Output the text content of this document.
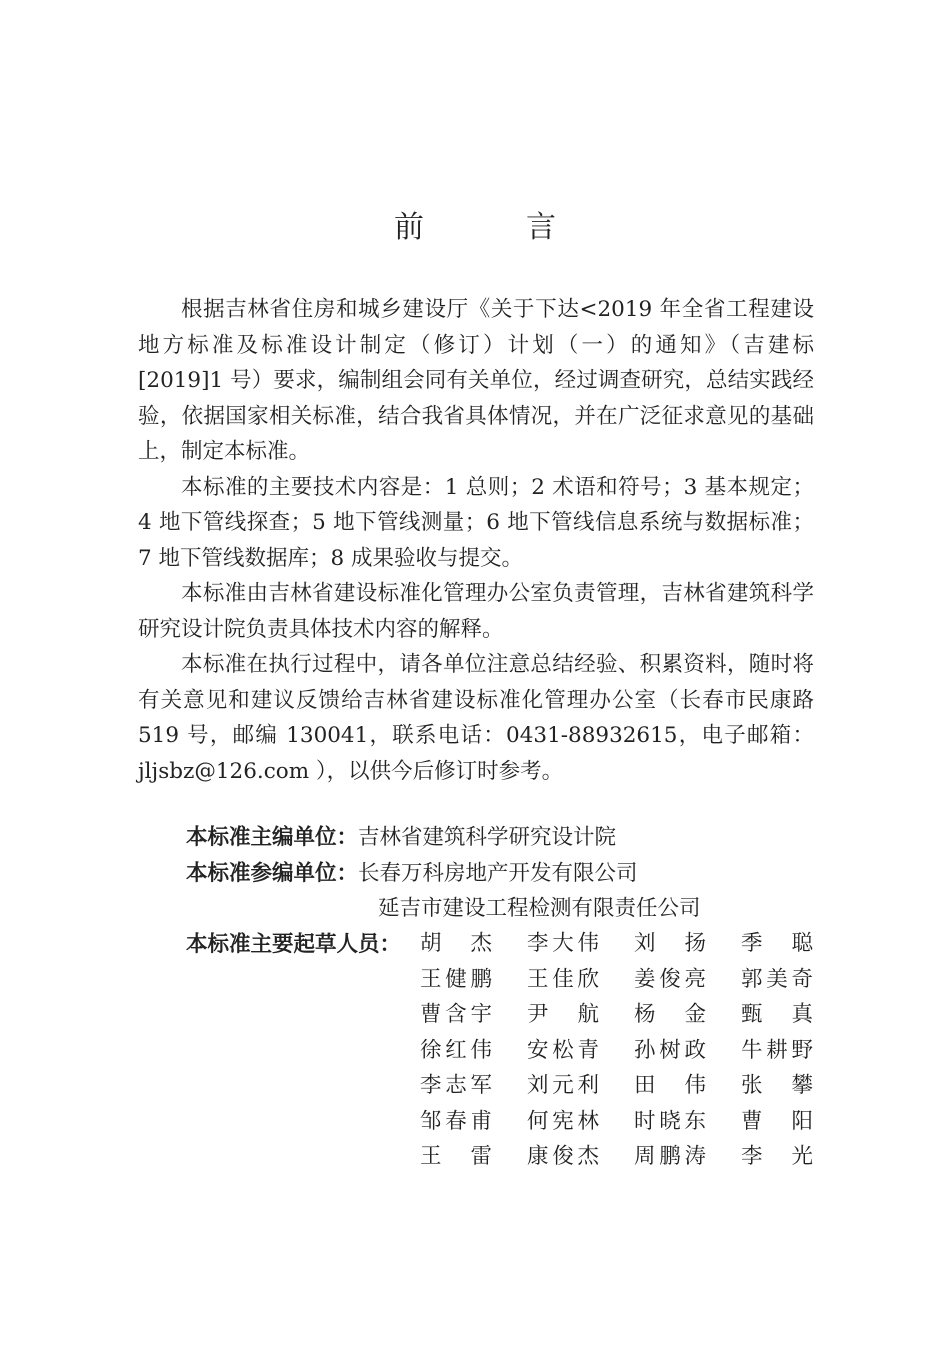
前　言

根据吉林省住房和城乡建设厅《关于下达<2019 年全省工程建设地方标准及标准设计制定（修订）计划（一）的通知》（吉建标[2019]1 号）要求，编制组会同有关单位，经过调查研究，总结实践经验，依据国家相关标准，结合我省具体情况，并在广泛征求意见的基础上，制定本标准。

本标准的主要技术内容是：1 总则；2 术语和符号；3 基本规定；4 地下管线探查；5 地下管线测量；6 地下管线信息系统与数据标准；7 地下管线数据库；8 成果验收与提交。

本标准由吉林省建设标准化管理办公室负责管理，吉林省建筑科学研究设计院负责具体技术内容的解释。

本标准在执行过程中，请各单位注意总结经验、积累资料，随时将有关意见和建议反馈给吉林省建设标准化管理办公室（长春市民康路 519 号，邮编 130041，联系电话：0431-88932615，电子邮箱：jljsbz@126.com ），以供今后修订时参考。

本标准主编单位： 吉林省建筑科学研究设计院
本标准参编单位： 长春万科房地产开发有限公司
延吉市建设工程检测有限责任公司
本标准主要起草人员： 胡 杰 李 大 伟 刘 扬 季 聪
王 健 鹏 王 佳 欣 姜 俊 亮 郭 美 奇
曹 含 宇 尹 航 杨 金 甄 真
徐 红 伟 安 松 青 孙 树 政 牛 耕 野
李 志 军 刘 元 利 田 伟 张 攀
邹 春 甫 何 宪 林 时 晓 东 曹 阳
王 雷 康 俊 杰 周 鹏 涛 李 光
